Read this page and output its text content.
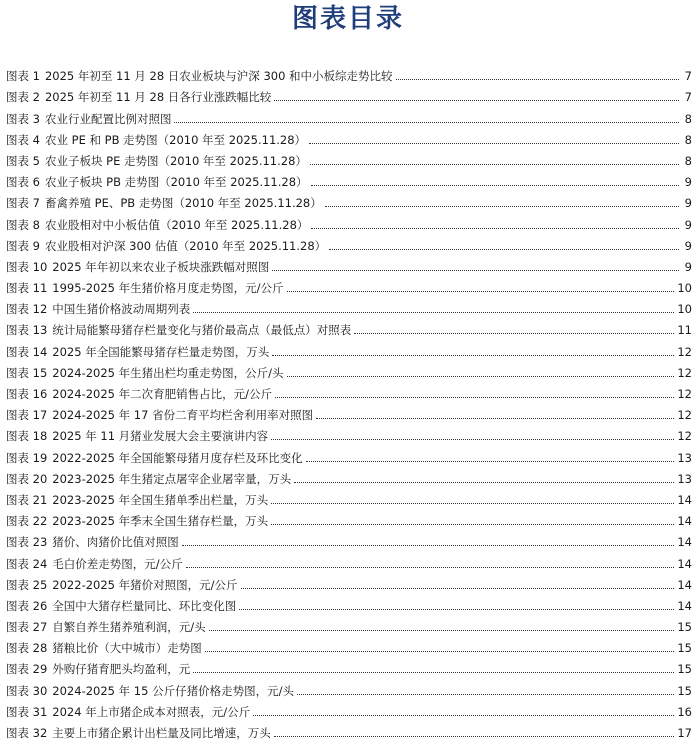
图表目录
图表 1 2025 年初至 11 月 28 日农业板块与沪深 300 和中小板综走势比较	7
图表 2 2025 年初至 11 月 28 日各行业涨跌幅比较	7
图表 3 农业行业配置比例对照图	8
图表 4 农业 PE 和 PB 走势图（2010 年至 2025.11.28）	8
图表 5 农业子板块 PE 走势图（2010 年至 2025.11.28）	8
图表 6 农业子板块 PB 走势图（2010 年至 2025.11.28）	9
图表 7 畜禽养殖 PE、PB 走势图（2010 年至 2025.11.28）	9
图表 8 农业股相对中小板估值（2010 年至 2025.11.28）	9
图表 9 农业股相对沪深 300 估值（2010 年至 2025.11.28）	9
图表 10 2025 年年初以来农业子板块涨跌幅对照图	9
图表 11 1995-2025 年生猪价格月度走势图，元/公斤	10
图表 12 中国生猪价格波动周期列表	10
图表 13 统计局能繁母猪存栏量变化与猪价最高点（最低点）对照表	11
图表 14 2025 年全国能繁母猪存栏量走势图，万头	12
图表 15 2024-2025 年生猪出栏均重走势图，公斤/头	12
图表 16 2024-2025 年二次育肥销售占比，元/公斤	12
图表 17 2024-2025 年 17 省份二育平均栏舍利用率对照图	12
图表 18 2025 年 11 月猪业发展大会主要演讲内容	12
图表 19 2022-2025 年全国能繁母猪月度存栏及环比变化	13
图表 20 2023-2025 年生猪定点屠宰企业屠宰量，万头	13
图表 21 2023-2025 年全国生猪单季出栏量，万头	14
图表 22 2023-2025 年季末全国生猪存栏量，万头	14
图表 23 猪价、肉猪价比值对照图	14
图表 24 毛白价差走势图，元/公斤	14
图表 25 2022-2025 年猪价对照图，元/公斤	14
图表 26 全国中大猪存栏量同比、环比变化图	14
图表 27 自繁自养生猪养殖利润，元/头	15
图表 28 猪粮比价（大中城市）走势图	15
图表 29 外购仔猪育肥头均盈利，元	15
图表 30 2024-2025 年 15 公斤仔猪价格走势图，元/头	15
图表 31 2024 年上市猪企成本对照表，元/公斤	16
图表 32 主要上市猪企累计出栏量及同比增速，万头	17
